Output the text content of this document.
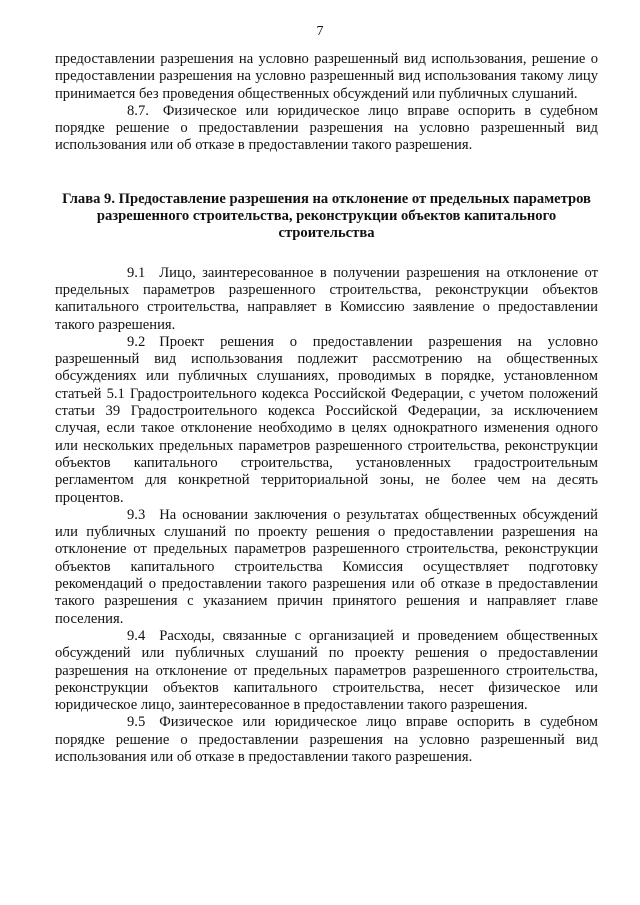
7

предоставлении разрешения на условно разрешенный вид использования, решение о предоставлении разрешения на условно разрешенный вид использования такому лицу принимается без проведения общественных обсуждений или публичных слушаний.

8.7. Физическое или юридическое лицо вправе оспорить в судебном порядке решение о предоставлении разрешения на условно разрешенный вид использования или об отказе в предоставлении такого разрешения.

Глава 9. Предоставление разрешения на отклонение от предельных параметров разрешенного строительства, реконструкции объектов капитального строительства

9.1 Лицо, заинтересованное в получении разрешения на отклонение от предельных параметров разрешенного строительства, реконструкции объектов капитального строительства, направляет в Комиссию заявление о предоставлении такого разрешения.

9.2 Проект решения о предоставлении разрешения на условно разрешенный вид использования подлежит рассмотрению на общественных обсуждениях или публичных слушаниях, проводимых в порядке, установленном статьей 5.1 Градостроительного кодекса Российской Федерации, с учетом положений статьи 39 Градостроительного кодекса Российской Федерации, за исключением случая, если такое отклонение необходимо в целях однократного изменения одного или нескольких предельных параметров разрешенного строительства, реконструкции объектов капитального строительства, установленных градостроительным регламентом для конкретной территориальной зоны, не более чем на десять процентов.

9.3 На основании заключения о результатах общественных обсуждений или публичных слушаний по проекту решения о предоставлении разрешения на отклонение от предельных параметров разрешенного строительства, реконструкции объектов капитального строительства Комиссия осуществляет подготовку рекомендаций о предоставлении такого разрешения или об отказе в предоставлении такого разрешения с указанием причин принятого решения и направляет главе поселения.

9.4 Расходы, связанные с организацией и проведением общественных обсуждений или публичных слушаний по проекту решения о предоставлении разрешения на отклонение от предельных параметров разрешенного строительства, реконструкции объектов капитального строительства, несет физическое или юридическое лицо, заинтересованное в предоставлении такого разрешения.

9.5 Физическое или юридическое лицо вправе оспорить в судебном порядке решение о предоставлении разрешения на условно разрешенный вид использования или об отказе в предоставлении такого разрешения.
